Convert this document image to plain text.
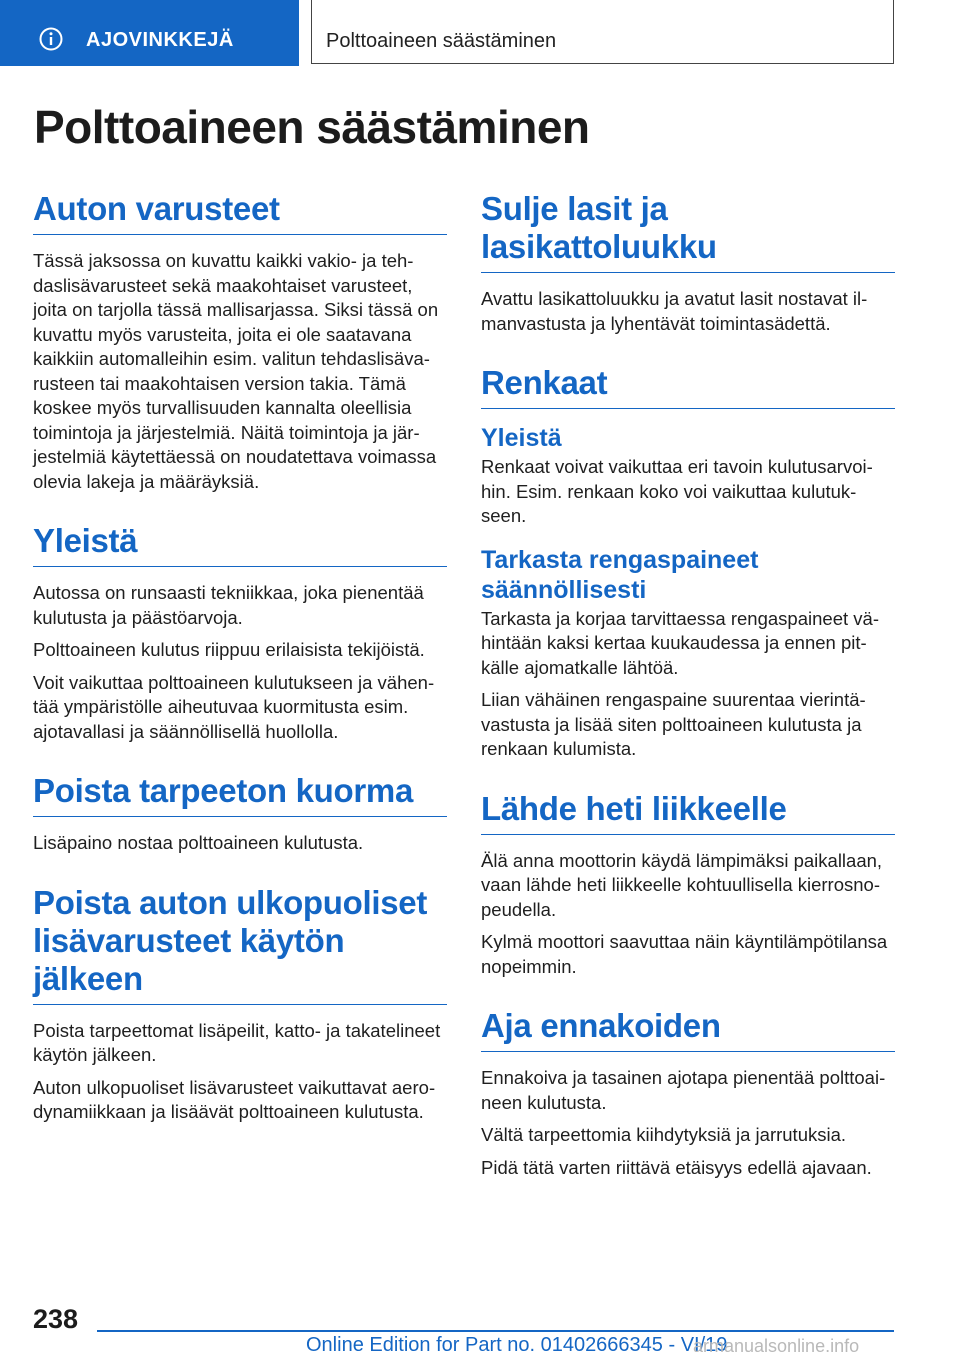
AJOVINKKEJÄ	Polttoaineen säästäminen
Polttoaineen säästäminen
Auton varusteet

Tässä jaksossa on kuvattu kaikki vakio- ja tehdaslisävarusteet sekä maakohtaiset varusteet, joita on tarjolla tässä mallisarjassa. Siksi tässä on kuvattu myös varusteita, joita ei ole saatavana kaikkiin automalleihin esim. valitun tehdaslisävarusteen tai maakohtaisen version takia. Tämä koskee myös turvallisuuden kannalta oleellisia toimintoja ja järjestelmiä. Näitä toimintoja ja järjestelmiä käytettäessä on noudatettava voimassa olevia lakeja ja määräyksiä.

Yleistä

Autossa on runsaasti tekniikkaa, joka pienentää kulutusta ja päästöarvoja.

Polttoaineen kulutus riippuu erilaisista tekijöistä.

Voit vaikuttaa polttoaineen kulutukseen ja vähentää ympäristölle aiheutuvaa kuormitusta esim. ajotavallasi ja säännöllisellä huollolla.

Poista tarpeeton kuorma

Lisäpaino nostaa polttoaineen kulutusta.

Poista auton ulkopuoliset lisävarusteet käytön jälkeen

Poista tarpeettomat lisäpeilit, katto- ja takatelineet käytön jälkeen.

Auton ulkopuoliset lisävarusteet vaikuttavat aerodynamiikkaan ja lisäävät polttoaineen kulutusta.

Sulje lasit ja lasikattoluukku

Avattu lasikattoluukku ja avatut lasit nostavat ilmanvastusta ja lyhentävät toimintasädettä.

Renkaat
Yleistä

Renkaat voivat vaikuttaa eri tavoin kulutusarvoihin. Esim. renkaan koko voi vaikuttaa kulutukseen.

Tarkasta rengaspaineet säännöllisesti

Tarkasta ja korjaa tarvittaessa rengaspaineet vähintään kaksi kertaa kuukaudessa ja ennen pitkälle ajomatkalle lähtöä.

Liian vähäinen rengaspaine suurentaa vierintävastusta ja lisää siten polttoaineen kulutusta ja renkaan kulumista.

Lähde heti liikkeelle

Älä anna moottorin käydä lämpimäksi paikallaan, vaan lähde heti liikkeelle kohtuullisella kierrosnopeudella.

Kylmä moottori saavuttaa näin käyntilämpötilansa nopeimmin.

Aja ennakoiden

Ennakoiva ja tasainen ajotapa pienentää polttoaineen kulutusta.

Vältä tarpeettomia kiihdytyksiä ja jarrutuksia.

Pidä tätä varten riittävä etäisyys edellä ajavaan.

238
Online Edition for Part no. 01402666345 - VI/19
armanualsonline.info
